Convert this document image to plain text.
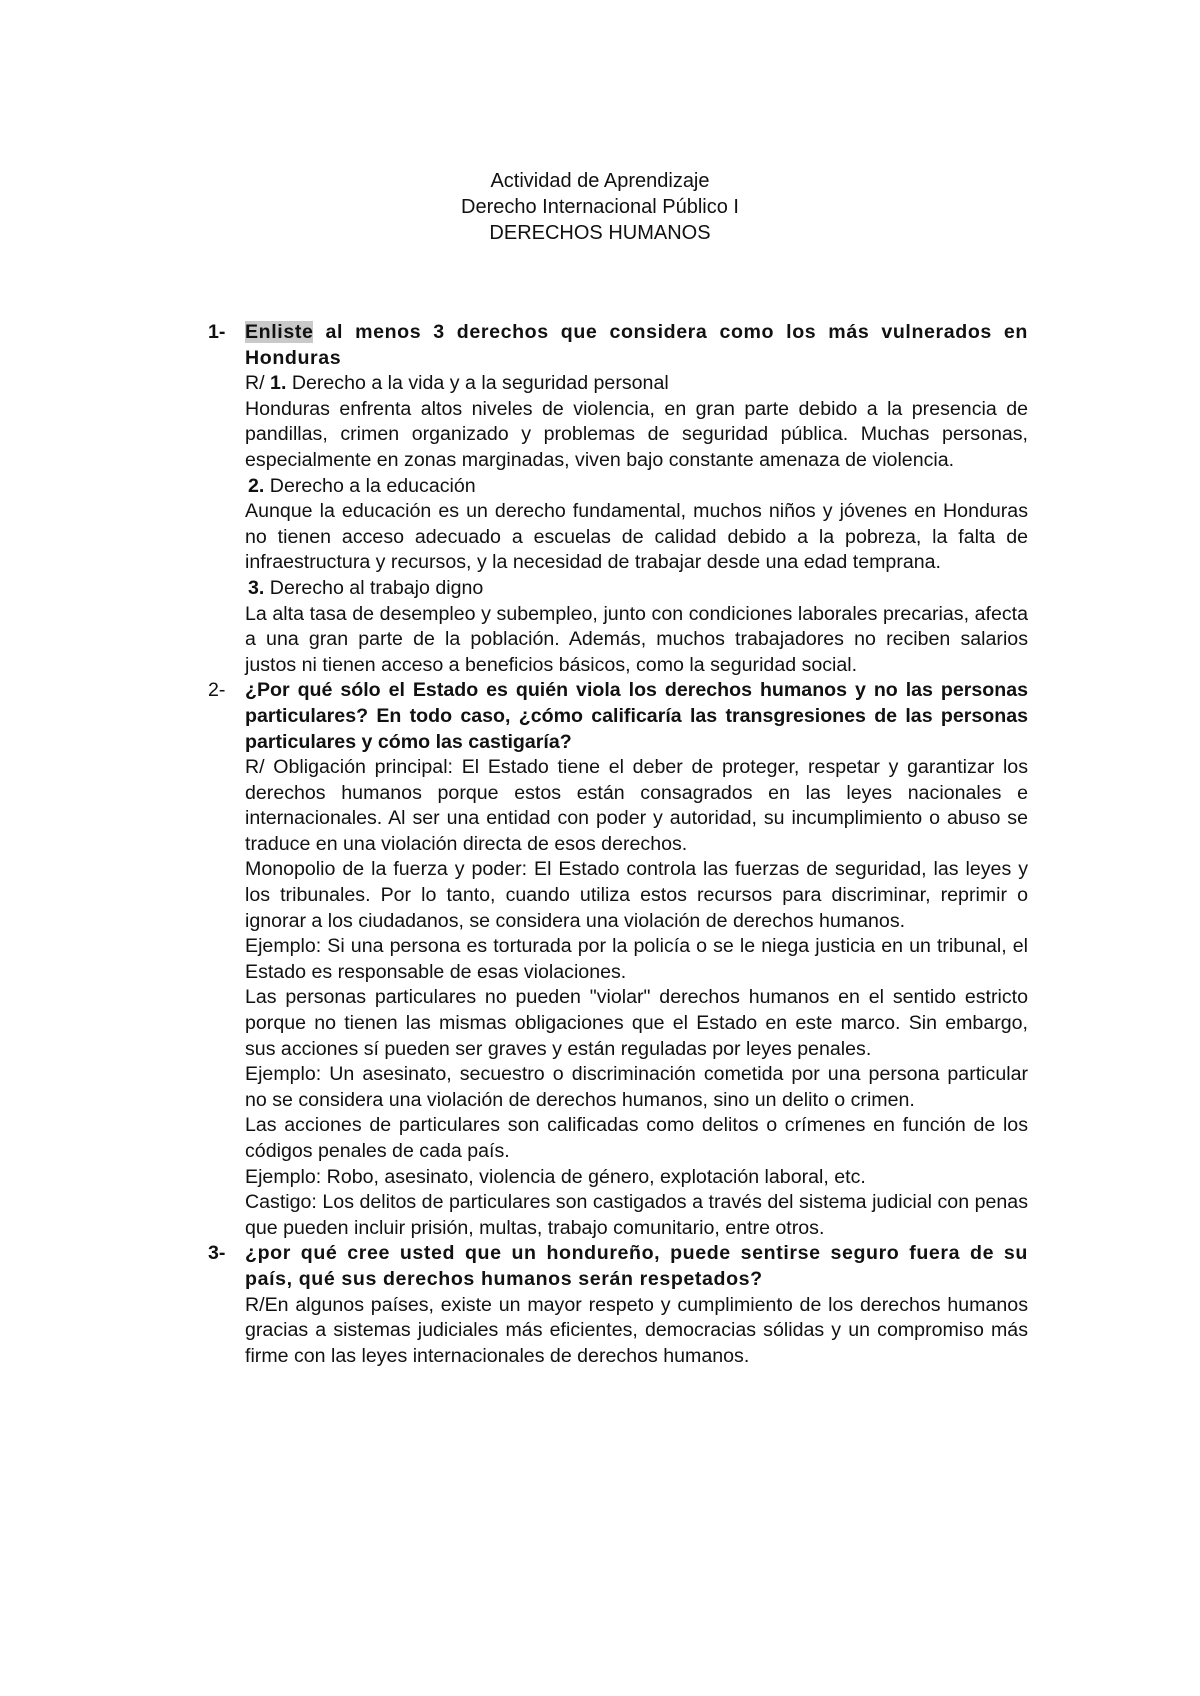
Actividad de Aprendizaje
Derecho Internacional Público I
DERECHOS HUMANOS
1- Enliste al menos 3 derechos que considera como los más vulnerados en Honduras
R/ 1. Derecho a la vida y a la seguridad personal
Honduras enfrenta altos niveles de violencia, en gran parte debido a la presencia de pandillas, crimen organizado y problemas de seguridad pública. Muchas personas, especialmente en zonas marginadas, viven bajo constante amenaza de violencia.
2. Derecho a la educación
Aunque la educación es un derecho fundamental, muchos niños y jóvenes en Honduras no tienen acceso adecuado a escuelas de calidad debido a la pobreza, la falta de infraestructura y recursos, y la necesidad de trabajar desde una edad temprana.
3. Derecho al trabajo digno
La alta tasa de desempleo y subempleo, junto con condiciones laborales precarias, afecta a una gran parte de la población. Además, muchos trabajadores no reciben salarios justos ni tienen acceso a beneficios básicos, como la seguridad social.
2- ¿Por qué sólo el Estado es quién viola los derechos humanos y no las personas particulares? En todo caso, ¿cómo calificaría las transgresiones de las personas particulares y cómo las castigaría?
R/ Obligación principal: El Estado tiene el deber de proteger, respetar y garantizar los derechos humanos porque estos están consagrados en las leyes nacionales e internacionales. Al ser una entidad con poder y autoridad, su incumplimiento o abuso se traduce en una violación directa de esos derechos.
Monopolio de la fuerza y poder: El Estado controla las fuerzas de seguridad, las leyes y los tribunales. Por lo tanto, cuando utiliza estos recursos para discriminar, reprimir o ignorar a los ciudadanos, se considera una violación de derechos humanos.
Ejemplo: Si una persona es torturada por la policía o se le niega justicia en un tribunal, el Estado es responsable de esas violaciones.
Las personas particulares no pueden "violar" derechos humanos en el sentido estricto porque no tienen las mismas obligaciones que el Estado en este marco. Sin embargo, sus acciones sí pueden ser graves y están reguladas por leyes penales.
Ejemplo: Un asesinato, secuestro o discriminación cometida por una persona particular no se considera una violación de derechos humanos, sino un delito o crimen.
Las acciones de particulares son calificadas como delitos o crímenes en función de los códigos penales de cada país.
Ejemplo: Robo, asesinato, violencia de género, explotación laboral, etc.
Castigo: Los delitos de particulares son castigados a través del sistema judicial con penas que pueden incluir prisión, multas, trabajo comunitario, entre otros.
3- ¿por qué cree usted que un hondureño, puede sentirse seguro fuera de su país, qué sus derechos humanos serán respetados?
R/En algunos países, existe un mayor respeto y cumplimiento de los derechos humanos gracias a sistemas judiciales más eficientes, democracias sólidas y un compromiso más firme con las leyes internacionales de derechos humanos.
